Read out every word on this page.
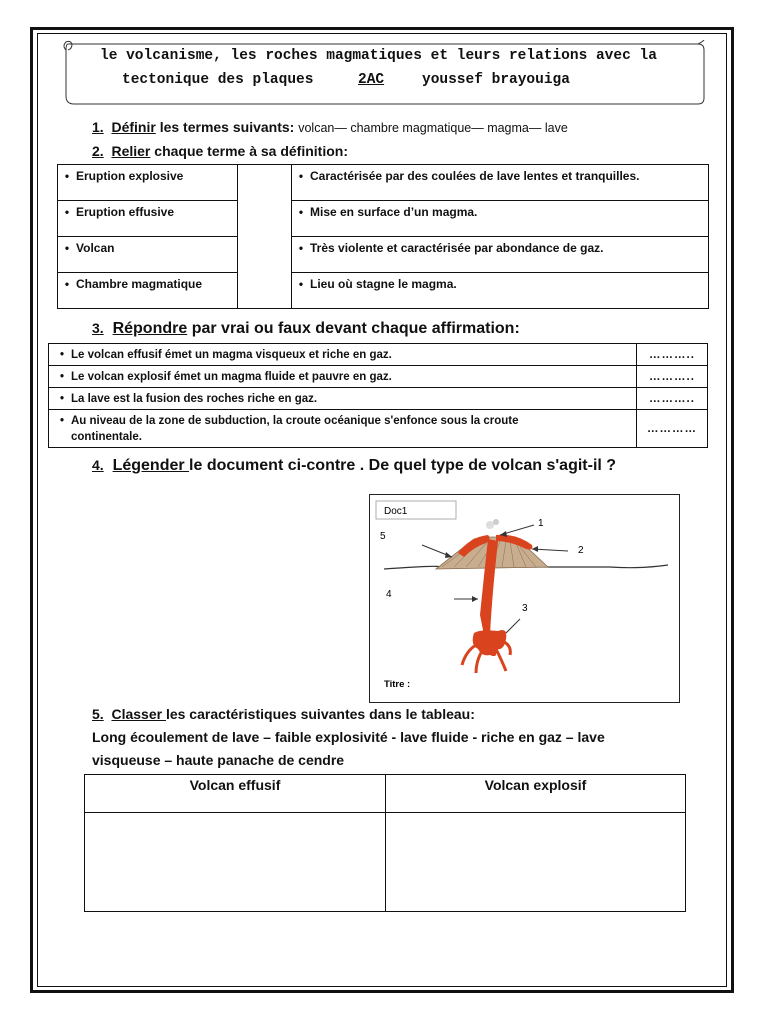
le volcanisme, les roches magmatiques et leurs relations avec la
tectonique des plaques	2AC	youssef brayouiga
1. Définir les termes suivants: volcan— chambre magmatique— magma— lave
2. Relier chaque terme à sa définition:
• Eruption explosive		• Caractérisée par des coulées de lave lentes et tranquilles.
• Eruption effusive		• Mise en surface d’un magma.
• Volcan		• Très violente et caractérisée par abondance de gaz.
• Chambre magmatique		• Lieu où stagne le magma.
3. Répondre par vrai ou faux devant chaque affirmation:
• Le volcan effusif émet un magma visqueux et riche en gaz.	………..
• Le volcan explosif émet un magma fluide et pauvre en gaz.	………..
• La lave est la fusion des roches riche en gaz.	………..
• Au niveau de la zone de subduction, la croute océanique s'enfonce sous la croute
continentale.	…………
4. Légender le document ci-contre . De quel type de volcan s'agit-il ?
Doc1
1
2
3
4
5
Titre :
5. Classer les caractéristiques suivantes dans le tableau:
Long écoulement de lave – faible explosivité - lave fluide - riche en gaz – lave
visqueuse – haute panache de cendre
Volcan effusif	Volcan explosif
